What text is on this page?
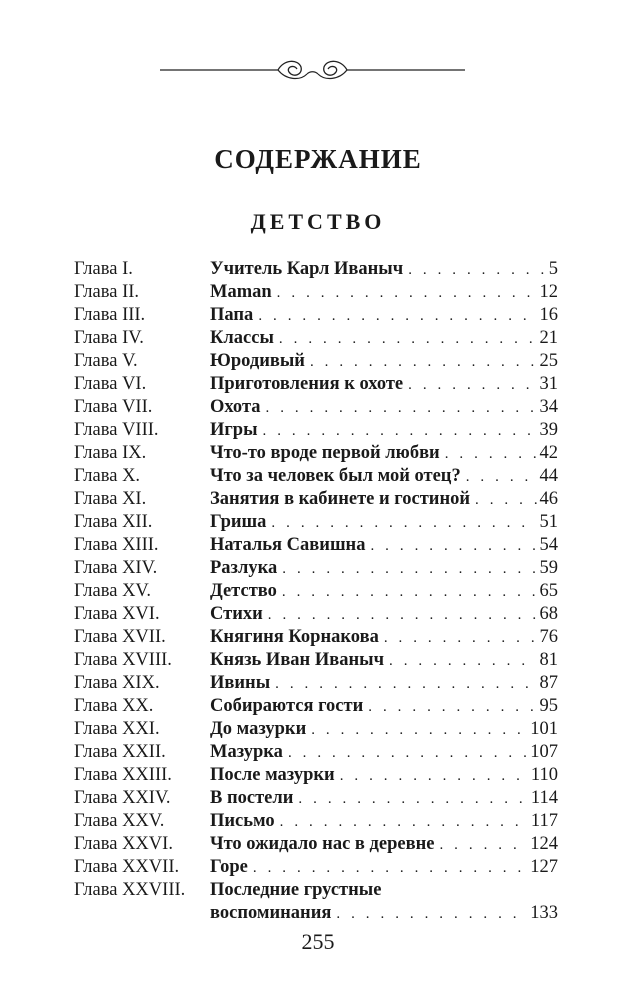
СОДЕРЖАНИЕ
ДЕТСТВО
Глава I.	Учитель Карл Иваныч . . .	5
Глава II.	Maman . . .	12
Глава III.	Папа . . .	16
Глава IV.	Классы . . .	21
Глава V.	Юродивый . . .	25
Глава VI.	Приготовления к охоте . . .	31
Глава VII.	Охота . . .	34
Глава VIII.	Игры . . .	39
Глава IX.	Что-то вроде первой любви . . .	42
Глава X.	Что за человек был мой отец? . . .	44
Глава XI.	Занятия в кабинете и гостиной . . .	46
Глава XII.	Гриша . . .	51
Глава XIII.	Наталья Савишна . . .	54
Глава XIV.	Разлука . . .	59
Глава XV.	Детство . . .	65
Глава XVI.	Стихи . . .	68
Глава XVII. Княгиня Корнакова . . .	76
Глава XVIII. Князь Иван Иваныч . . .	81
Глава XIX.	Ивины . . .	87
Глава XX.	Собираются гости . . .	95
Глава XXI.	До мазурки . . .	101
Глава XXII. Мазурка . . .	107
Глава XXIII. После мазурки . . .	110
Глава XXIV. В постели . . .	114
Глава XXV. Письмо . . .	117
Глава XXVI. Что ожидало нас в деревне . . .	124
Глава XXVII. Горе . . .	127
Глава XXVIII. Последние грустные
воспоминания . . .	133
255
